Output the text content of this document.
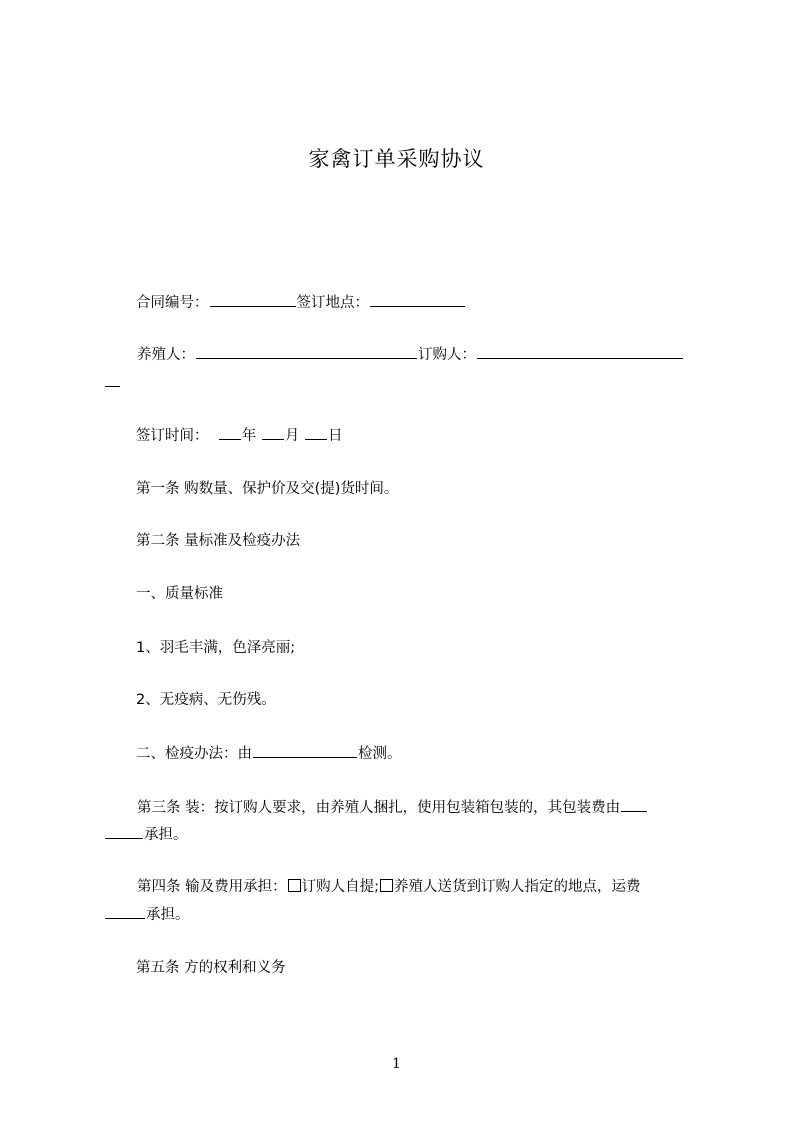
家禽订单采购协议
合同编号：	签订地点：
养殖人：	订购人：
签订时间： 年 月 日
第一条 购数量、保护价及交(提)货时间。
第二条 量标准及检疫办法
一、质量标准
1、羽毛丰满，色泽亮丽;
2、无疫病、无伤残。
二、检疫办法：由	检测。
第三条 装：按订购人要求，由养殖人捆扎，使用包装箱包装的，其包装费由
承担。
第四条 输及费用承担： 订购人自提; 养殖人送货到订购人指定的地点，运费
承担。
第五条 方的权利和义务
1
